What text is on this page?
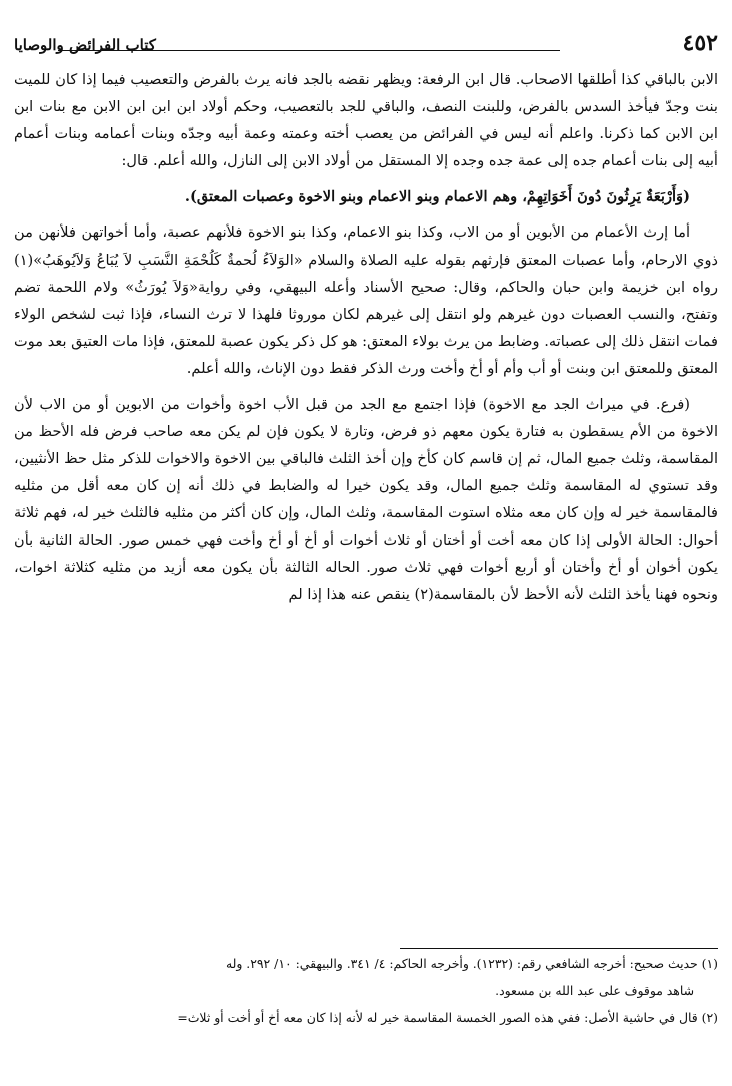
٤٥٢
كتاب الفرائض والوصايا

الابن بالباقي كذا أطلقها الاصحاب. قال ابن الرفعة: ويظهر نقضه بالجد فانه يرث بالفرض والتعصيب فيما إذا كان للميت بنت وجدّ فيأخذ السدس بالفرض، وللبنت النصف، والباقي للجد بالتعصيب، وحكم أولاد ابن ابن ابن الابن مع بنات ابن ابن الابن كما ذكرنا. واعلم أنه ليس في الفرائض من يعصب أخته وعمته وعمة أبيه وجدّه وبنات أعمامه وبنات أعمام أبيه إلى بنات أعمام جده إلى عمة جده وجده إلا المستقل من أولاد الابن إلى النازل، والله أعلم. قال:

(وَأَرْبَعَةٌ يَرِثُونَ دُونَ أَخَوَاتِهِمْ، وهم الاعمام وبنو الاعمام وبنو الاخوة وعصبات المعتق).

أما إرث الأعمام من الأبوين أو من الاب، وكذا بنو الاعمام، وكذا بنو الاخوة فلأنهم عصبة، وأما أخواتهن فلأنهن من ذوي الارحام، وأما عصبات المعتق فإرثهم بقوله عليه الصلاة والسلام «الوَلاَءُ لُحمةٌ كَلُحْمَةِ النَّسَبِ لاَ يُبَاعُ وَلاَيُوهَبُ»(١) رواه ابن خزيمة وابن حبان والحاكم، وقال: صحيح الأسناد وأعله البيهقي، وفي رواية«وَلاَ يُورَثُ» ولام اللحمة تضم وتفتح، والنسب العصبات دون غيرهم ولو انتقل إلى غيرهم لكان موروثا فلهذا لا ترث النساء، فإذا ثبت لشخص الولاء فمات انتقل ذلك إلى عصباته. وضابط من يرث بولاء المعتق: هو كل ذكر يكون عصبة للمعتق، فإذا مات العتيق بعد موت المعتق وللمعتق ابن وبنت أو أب وأم أو أخ وأخت ورث الذكر فقط دون الإناث، والله أعلم.

(فرع. في ميراث الجد مع الاخوة) فإذا اجتمع مع الجد من قبل الأب اخوة وأخوات من الابوين أو من الاب لأن الاخوة من الأم يسقطون به فتارة يكون معهم ذو فرض، وتارة لا يكون فإن لم يكن معه صاحب فرض فله الأحظ من المقاسمة، وثلث جميع المال، ثم إن قاسم كان كأخ وإن أخذ الثلث فالباقي بين الاخوة والاخوات للذكر مثل حظ الأنثيين، وقد تستوي له المقاسمة وثلث جميع المال، وقد يكون خيرا له والضابط في ذلك أنه إن كان معه أقل من مثليه فالمقاسمة خير له وإن كان معه مثلاه استوت المقاسمة، وثلث المال، وإن كان أكثر من مثليه فالثلث خير له، فهم ثلاثة أحوال: الحالة الأولى إذا كان معه أخت أو أختان أو ثلاث أخوات أو أخ أو أخ وأخت فهي خمس صور. الحالة الثانية بأن يكون أخوان أو أخ وأختان أو أربع أخوات فهي ثلاث صور. الحاله الثالثة بأن يكون معه أزيد من مثليه كثلاثة اخوات، ونحوه فهنا يأخذ الثلث لأنه الأحظ لأن بالمقاسمة(٢) ينقص عنه هذا إذا لم

(١) حديث صحيح: أخرجه الشافعي رقم: (١٢٣٢). وأخرجه الحاكم: ٤/ ٣٤١. والبيهقي: ١٠/ ٢٩٢. وله

شاهد موقوف على عبد الله بن مسعود.

(٢) قال في حاشية الأصل: ففي هذه الصور الخمسة المقاسمة خير له لأنه إذا كان معه أخ أو أخت أو ثلاث=
